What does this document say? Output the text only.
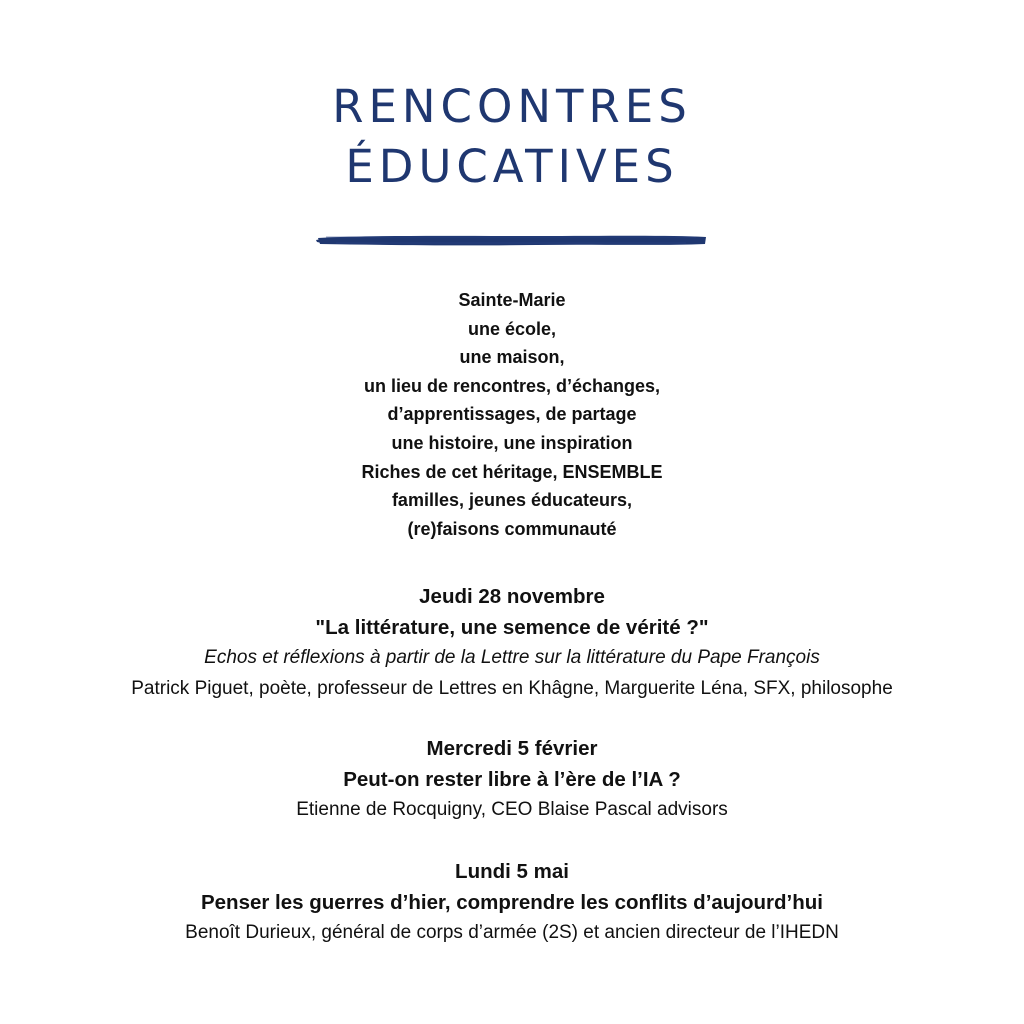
RENCONTRES
ÉDUCATIVES
Sainte-Marie
une école,
une maison,
un lieu de rencontres, d’échanges,
d’apprentissages, de partage
une histoire, une inspiration
Riches de cet héritage, ENSEMBLE
familles, jeunes éducateurs,
(re)faisons communauté
Jeudi 28 novembre
"La littérature, une semence de vérité ?"
Echos et réflexions à partir de la Lettre sur la littérature du Pape François
Patrick Piguet, poète, professeur de Lettres en Khâgne, Marguerite Léna, SFX, philosophe
Mercredi 5 février
Peut-on rester libre à l’ère de l’IA ?
Etienne de Rocquigny, CEO Blaise Pascal advisors
Lundi 5 mai
Penser les guerres d’hier, comprendre les conflits d’aujourd’hui
Benoît Durieux, général de corps d’armée (2S) et ancien directeur de l’IHEDN
